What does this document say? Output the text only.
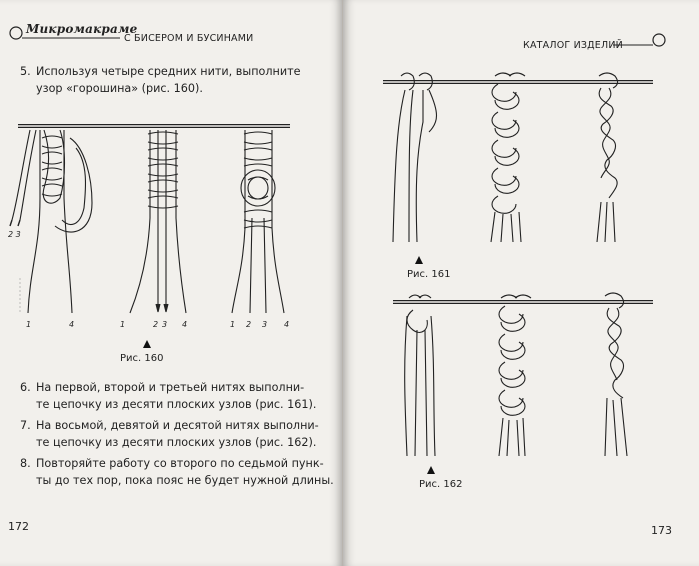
Микромакраме
С БИСЕРОМ И БУСИНАМИ
5. Используя четыре средних нити, выполните
узор «горошина» (рис. 160).
2 3
1	4	1	2 3 4	1 2 3 4
Рис. 160
6. На первой, второй и третьей нитях выполни-
те цепочку из десяти плоских узлов (рис. 161).
7. На восьмой, девятой и десятой нитях выполни-
те цепочку из десяти плоских узлов (рис. 162).
8. Повторяйте работу со второго по седьмой пунк-
ты до тех пор, пока пояс не будет нужной длины.
172
КАТАЛОГ ИЗДЕЛИЙ
Рис. 161
Рис. 162
173
